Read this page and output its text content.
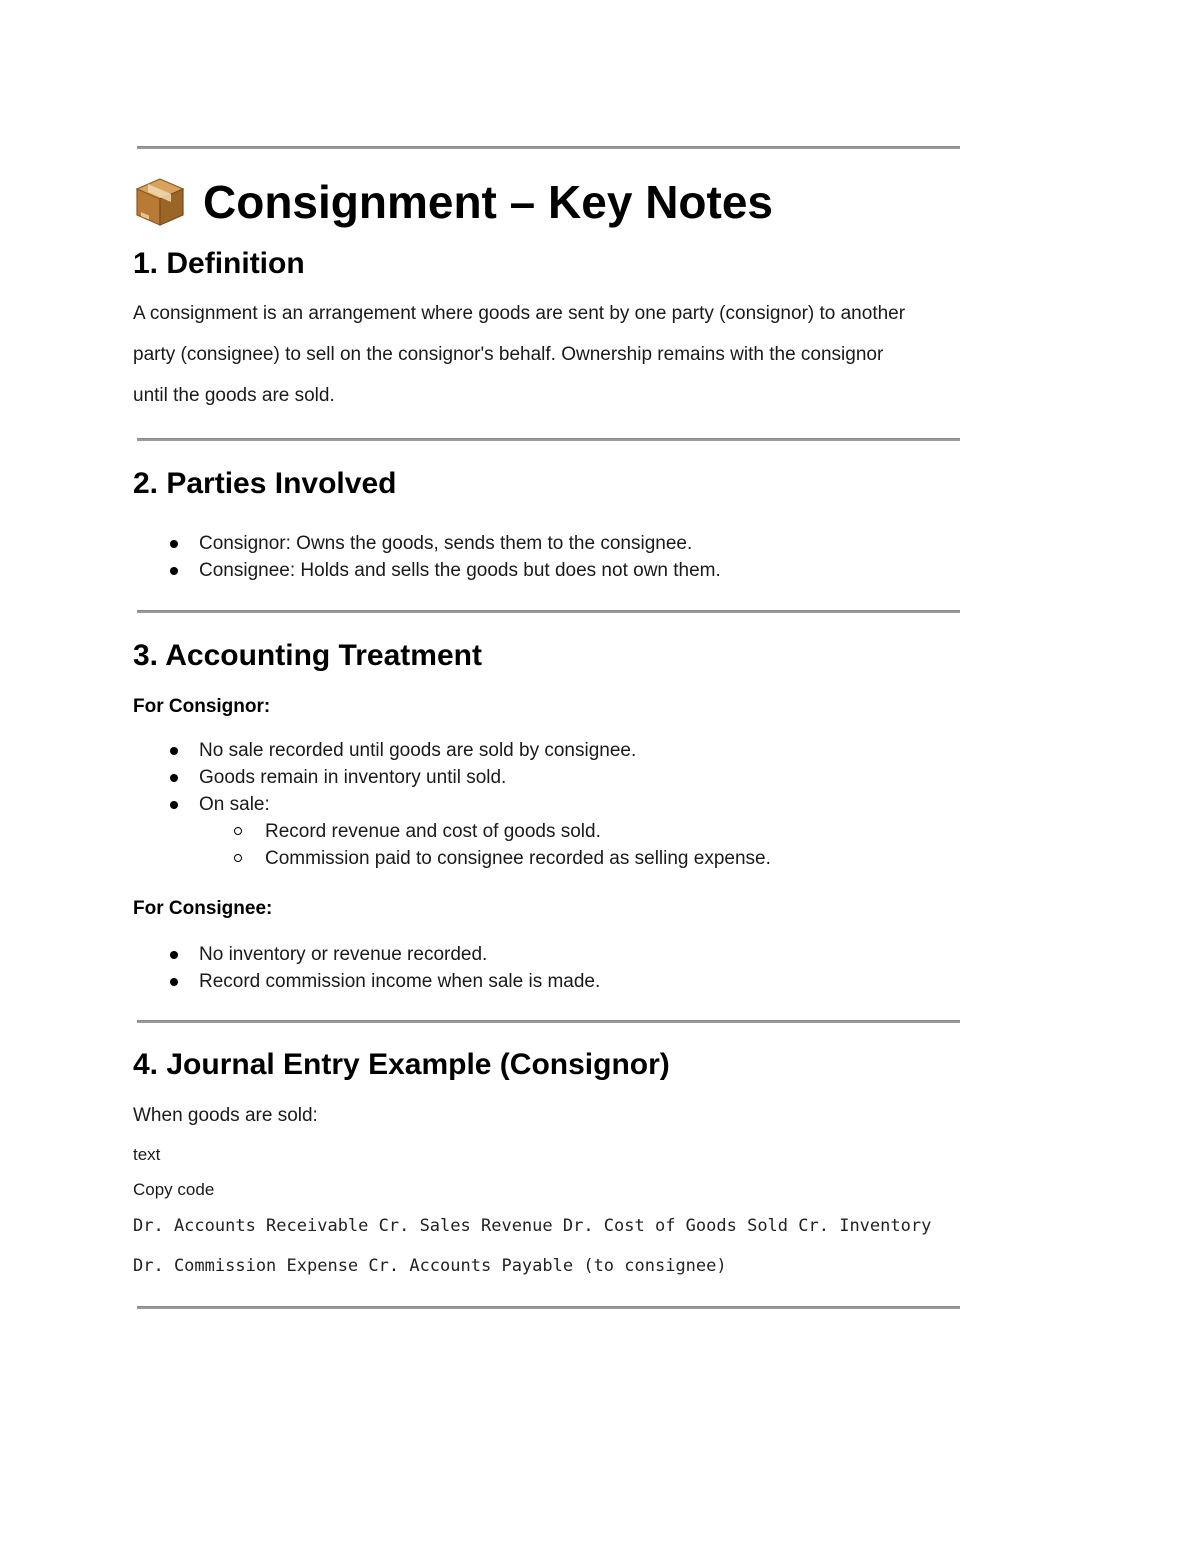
Consignment – Key Notes
1. Definition
A consignment is an arrangement where goods are sent by one party (consignor) to another
party (consignee) to sell on the consignor's behalf. Ownership remains with the consignor
until the goods are sold.
2. Parties Involved
Consignor: Owns the goods, sends them to the consignee.
Consignee: Holds and sells the goods but does not own them.
3. Accounting Treatment
For Consignor:
No sale recorded until goods are sold by consignee.
Goods remain in inventory until sold.
On sale:
Record revenue and cost of goods sold.
Commission paid to consignee recorded as selling expense.
For Consignee:
No inventory or revenue recorded.
Record commission income when sale is made.
4. Journal Entry Example (Consignor)
When goods are sold:
text
Copy code
Dr. Accounts Receivable Cr. Sales Revenue Dr. Cost of Goods Sold Cr. Inventory
Dr. Commission Expense Cr. Accounts Payable (to consignee)
